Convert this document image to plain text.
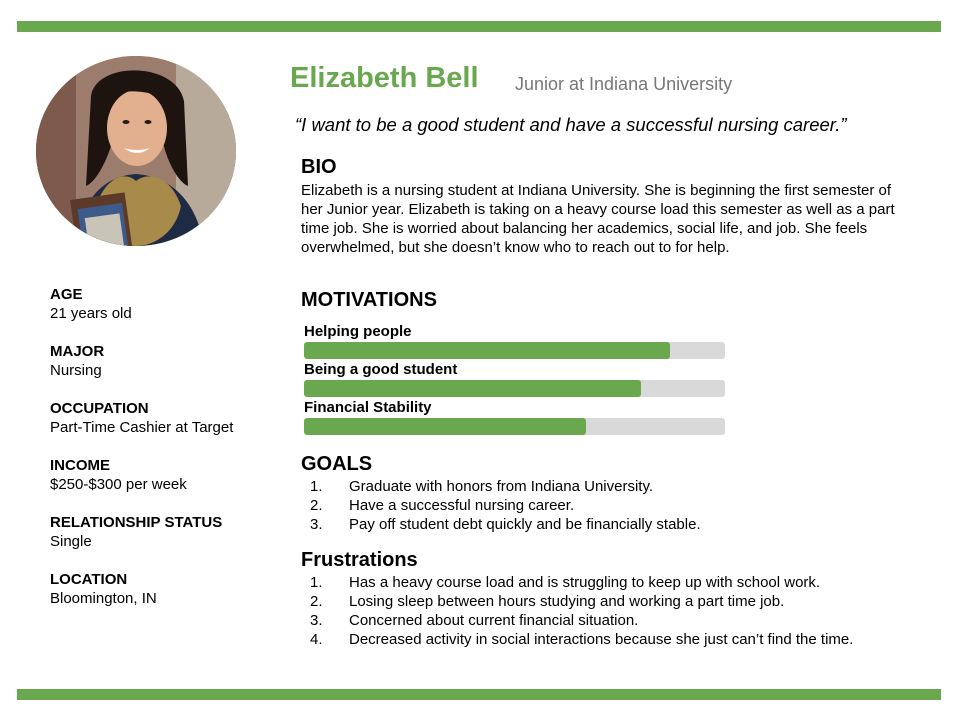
Elizabeth Bell Junior at Indiana University
“I want to be a good student and have a successful nursing career.”
AGE
21 years old
MAJOR
Nursing
OCCUPATION
Part-Time Cashier at Target
INCOME
$250-$300 per week
RELATIONSHIP STATUS
Single
LOCATION
Bloomington, IN
BIO
Elizabeth is a nursing student at Indiana University. She is beginning the first semester of her Junior year. Elizabeth is taking on a heavy course load this semester as well as a part time job. She is worried about balancing her academics, social life, and job. She feels overwhelmed, but she doesn’t know who to reach out to for help.
MOTIVATIONS
Helping people
Being a good student
Financial Stability
GOALS
1. Graduate with honors from Indiana University.
2. Have a successful nursing career.
3. Pay off student debt quickly and be financially stable.
Frustrations
1. Has a heavy course load and is struggling to keep up with school work.
2. Losing sleep between hours studying and working a part time job.
3. Concerned about current financial situation.
4. Decreased activity in social interactions because she just can’t find the time.
